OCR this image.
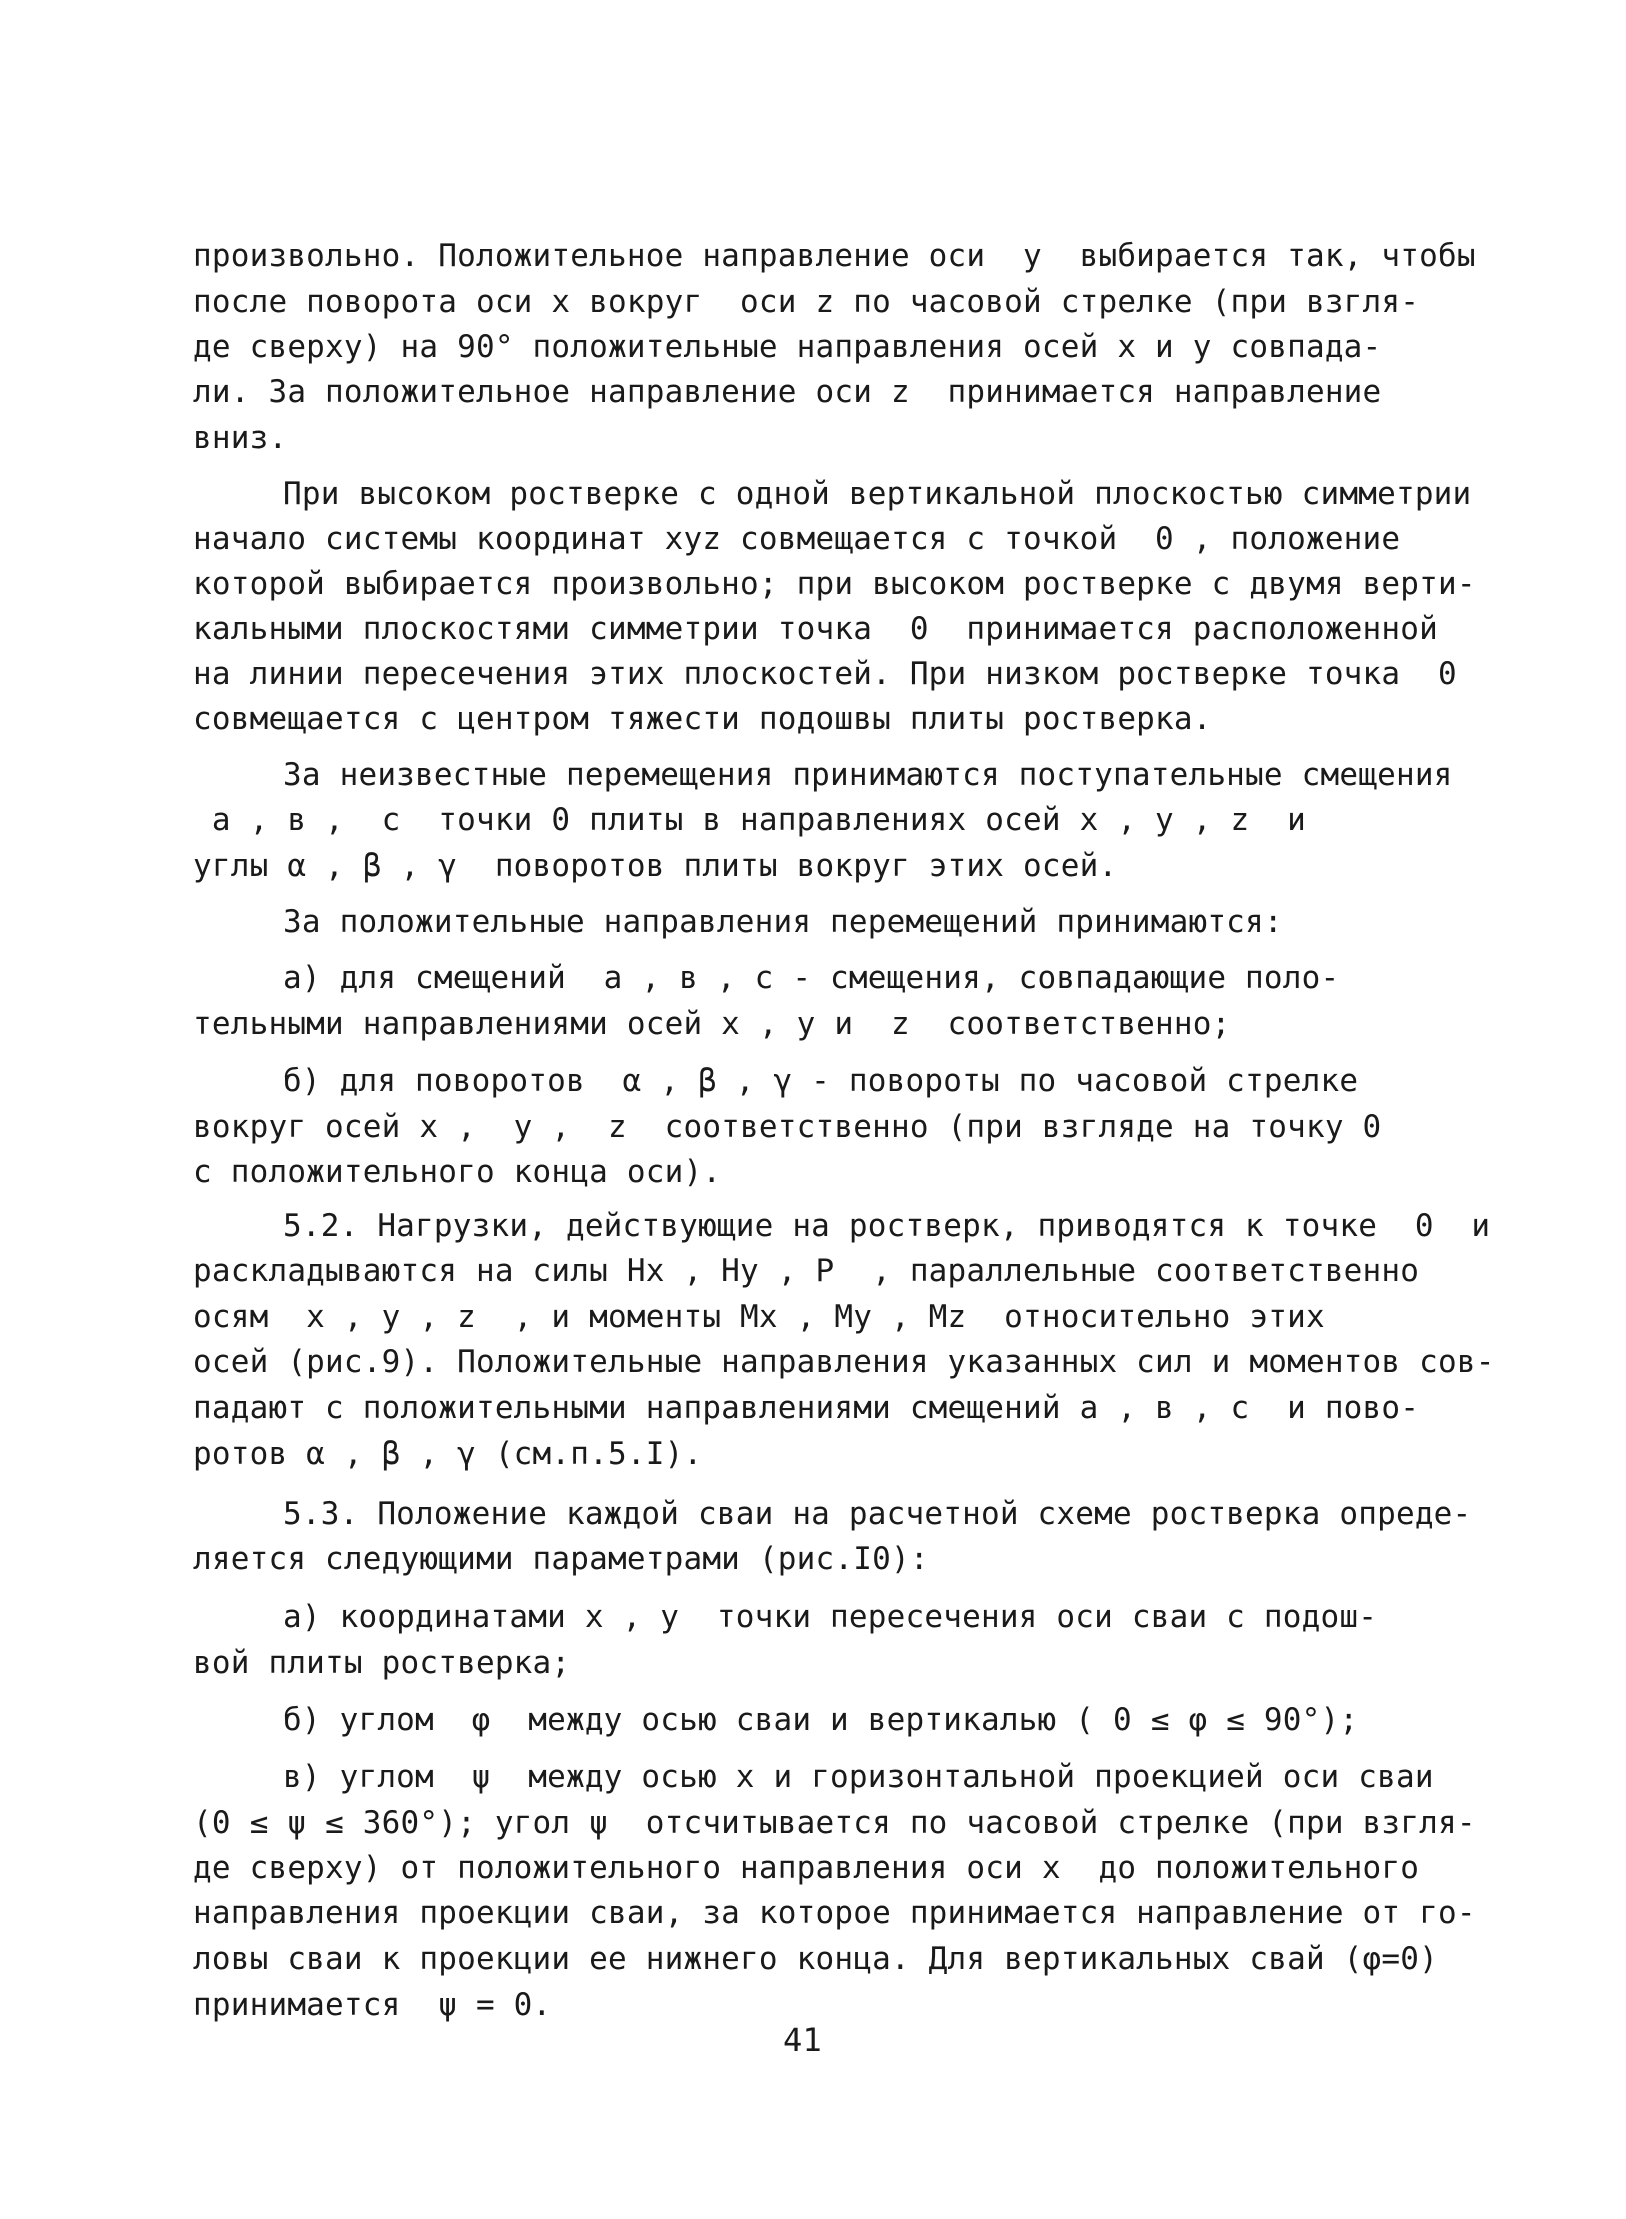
произвольно. Положительное направление оси  y  выбирается так, чтобы
после поворота оси x вокруг  оси z по часовой стрелке (при взгля-
де сверху) на 90° положительные направления осей x и y совпада-
ли. За положительное направление оси z  принимается направление
вниз.
При высоком ростверке с одной вертикальной плоскостью симметрии
начало системы координат xyz совмещается с точкой  0 , положение
которой выбирается произвольно; при высоком ростверке с двумя верти-
кальными плоскостями симметрии точка  0  принимается расположенной
на линии пересечения этих плоскостей. При низком ростверке точка  0
совмещается с центром тяжести подошвы плиты ростверка.
За неизвестные перемещения принимаются поступательные смещения
a , в ,  c  точки 0 плиты в направлениях осей x , y , z  и
углы α , β , γ  поворотов плиты вокруг этих осей.
За положительные направления перемещений принимаются:
а) для смещений  a , в , c - смещения, совпадающие поло-
тельными направлениями осей x , y и  z  соответственно;
б) для поворотов  α , β , γ - повороты по часовой стрелке
вокруг осей x ,  y ,  z  соответственно (при взгляде на точку 0
с положительного конца оси).
5.2. Нагрузки, действующие на ростверк, приводятся к точке  0  и
раскладываются на силы Hx , Hy , P  , параллельные соответственно
осям  x , y , z  , и моменты Mx , My , Mz  относительно этих
осей (рис.9). Положительные направления указанных сил и моментов сов-
падают с положительными направлениями смещений a , в , c  и пово-
ротов α , β , γ (см.п.5.I).
5.3. Положение каждой сваи на расчетной схеме ростверка опреде-
ляется следующими параметрами (рис.I0):
а) координатами x , y  точки пересечения оси сваи с подош-
вой плиты ростверка;
б) углом  φ  между осью сваи и вертикалью ( 0 ≤ φ ≤ 90°);
в) углом  ψ  между осью x и горизонтальной проекцией оси сваи
(0 ≤ ψ ≤ 360°); угол ψ  отсчитывается по часовой стрелке (при взгля-
де сверху) от положительного направления оси x  до положительного
направления проекции сваи, за которое принимается направление от го-
ловы сваи к проекции ее нижнего конца. Для вертикальных свай (φ=0)
принимается  ψ = 0.
41
